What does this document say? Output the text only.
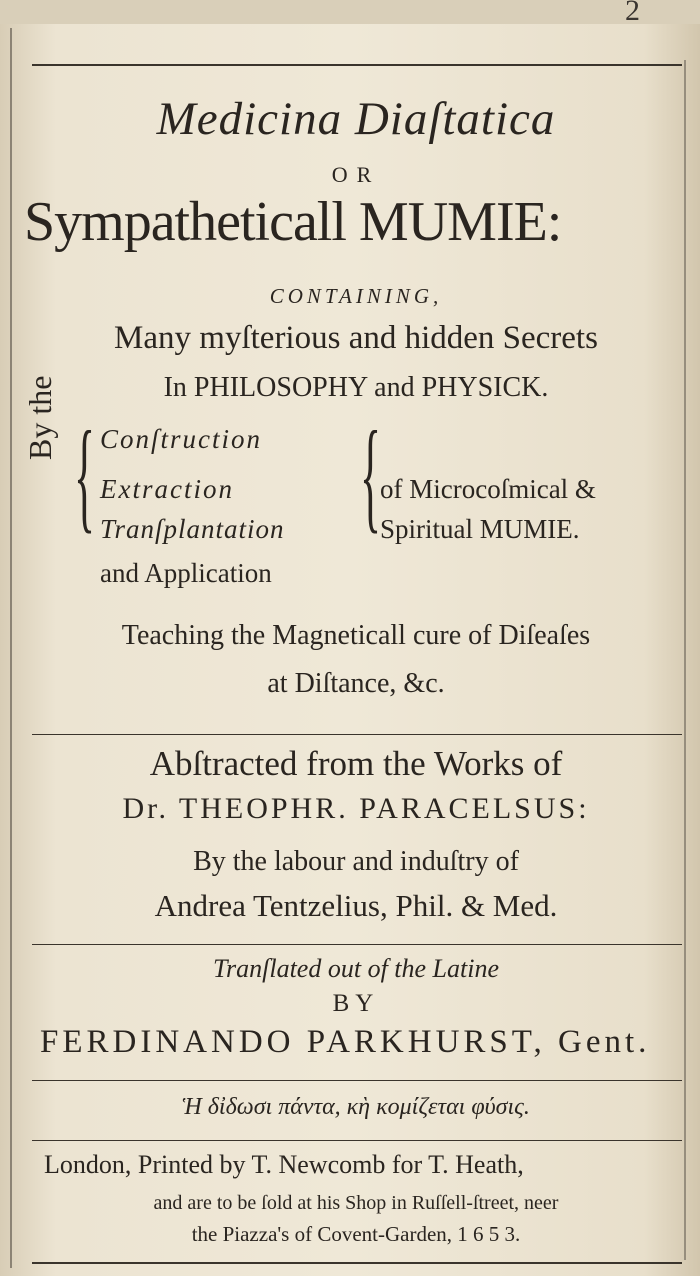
2
Medicina Diaſtatica
OR
Sympatheticall MUMIE:
CONTAINING,
Many myſterious and hidden Secrets
In PHILOSOPHY and PHYSICK.
By the { {
Conſtruction
Extraction
Tranſplantation
and Application
of Microcoſmical &
Spiritual MUMIE.
Teaching the Magneticall cure of Diſeaſes
at Diſtance, &c.
Abſtracted from the Works of
Dr. THEOPHR. PARACELSUS:
By the labour and induſtry of
Andrea Tentzelius, Phil. & Med.
Tranſlated out of the Latine
BY
FERDINANDO PARKHURST, Gent.
Ἡ δἰδωσι πάντα, κὴ κομίζεται φύσις.
London, Printed by T. Newcomb for T. Heath,
and are to be ſold at his Shop in Ruſſell-ſtreet, neer
the Piazza's of Covent-Garden, 1 6 5 3.
